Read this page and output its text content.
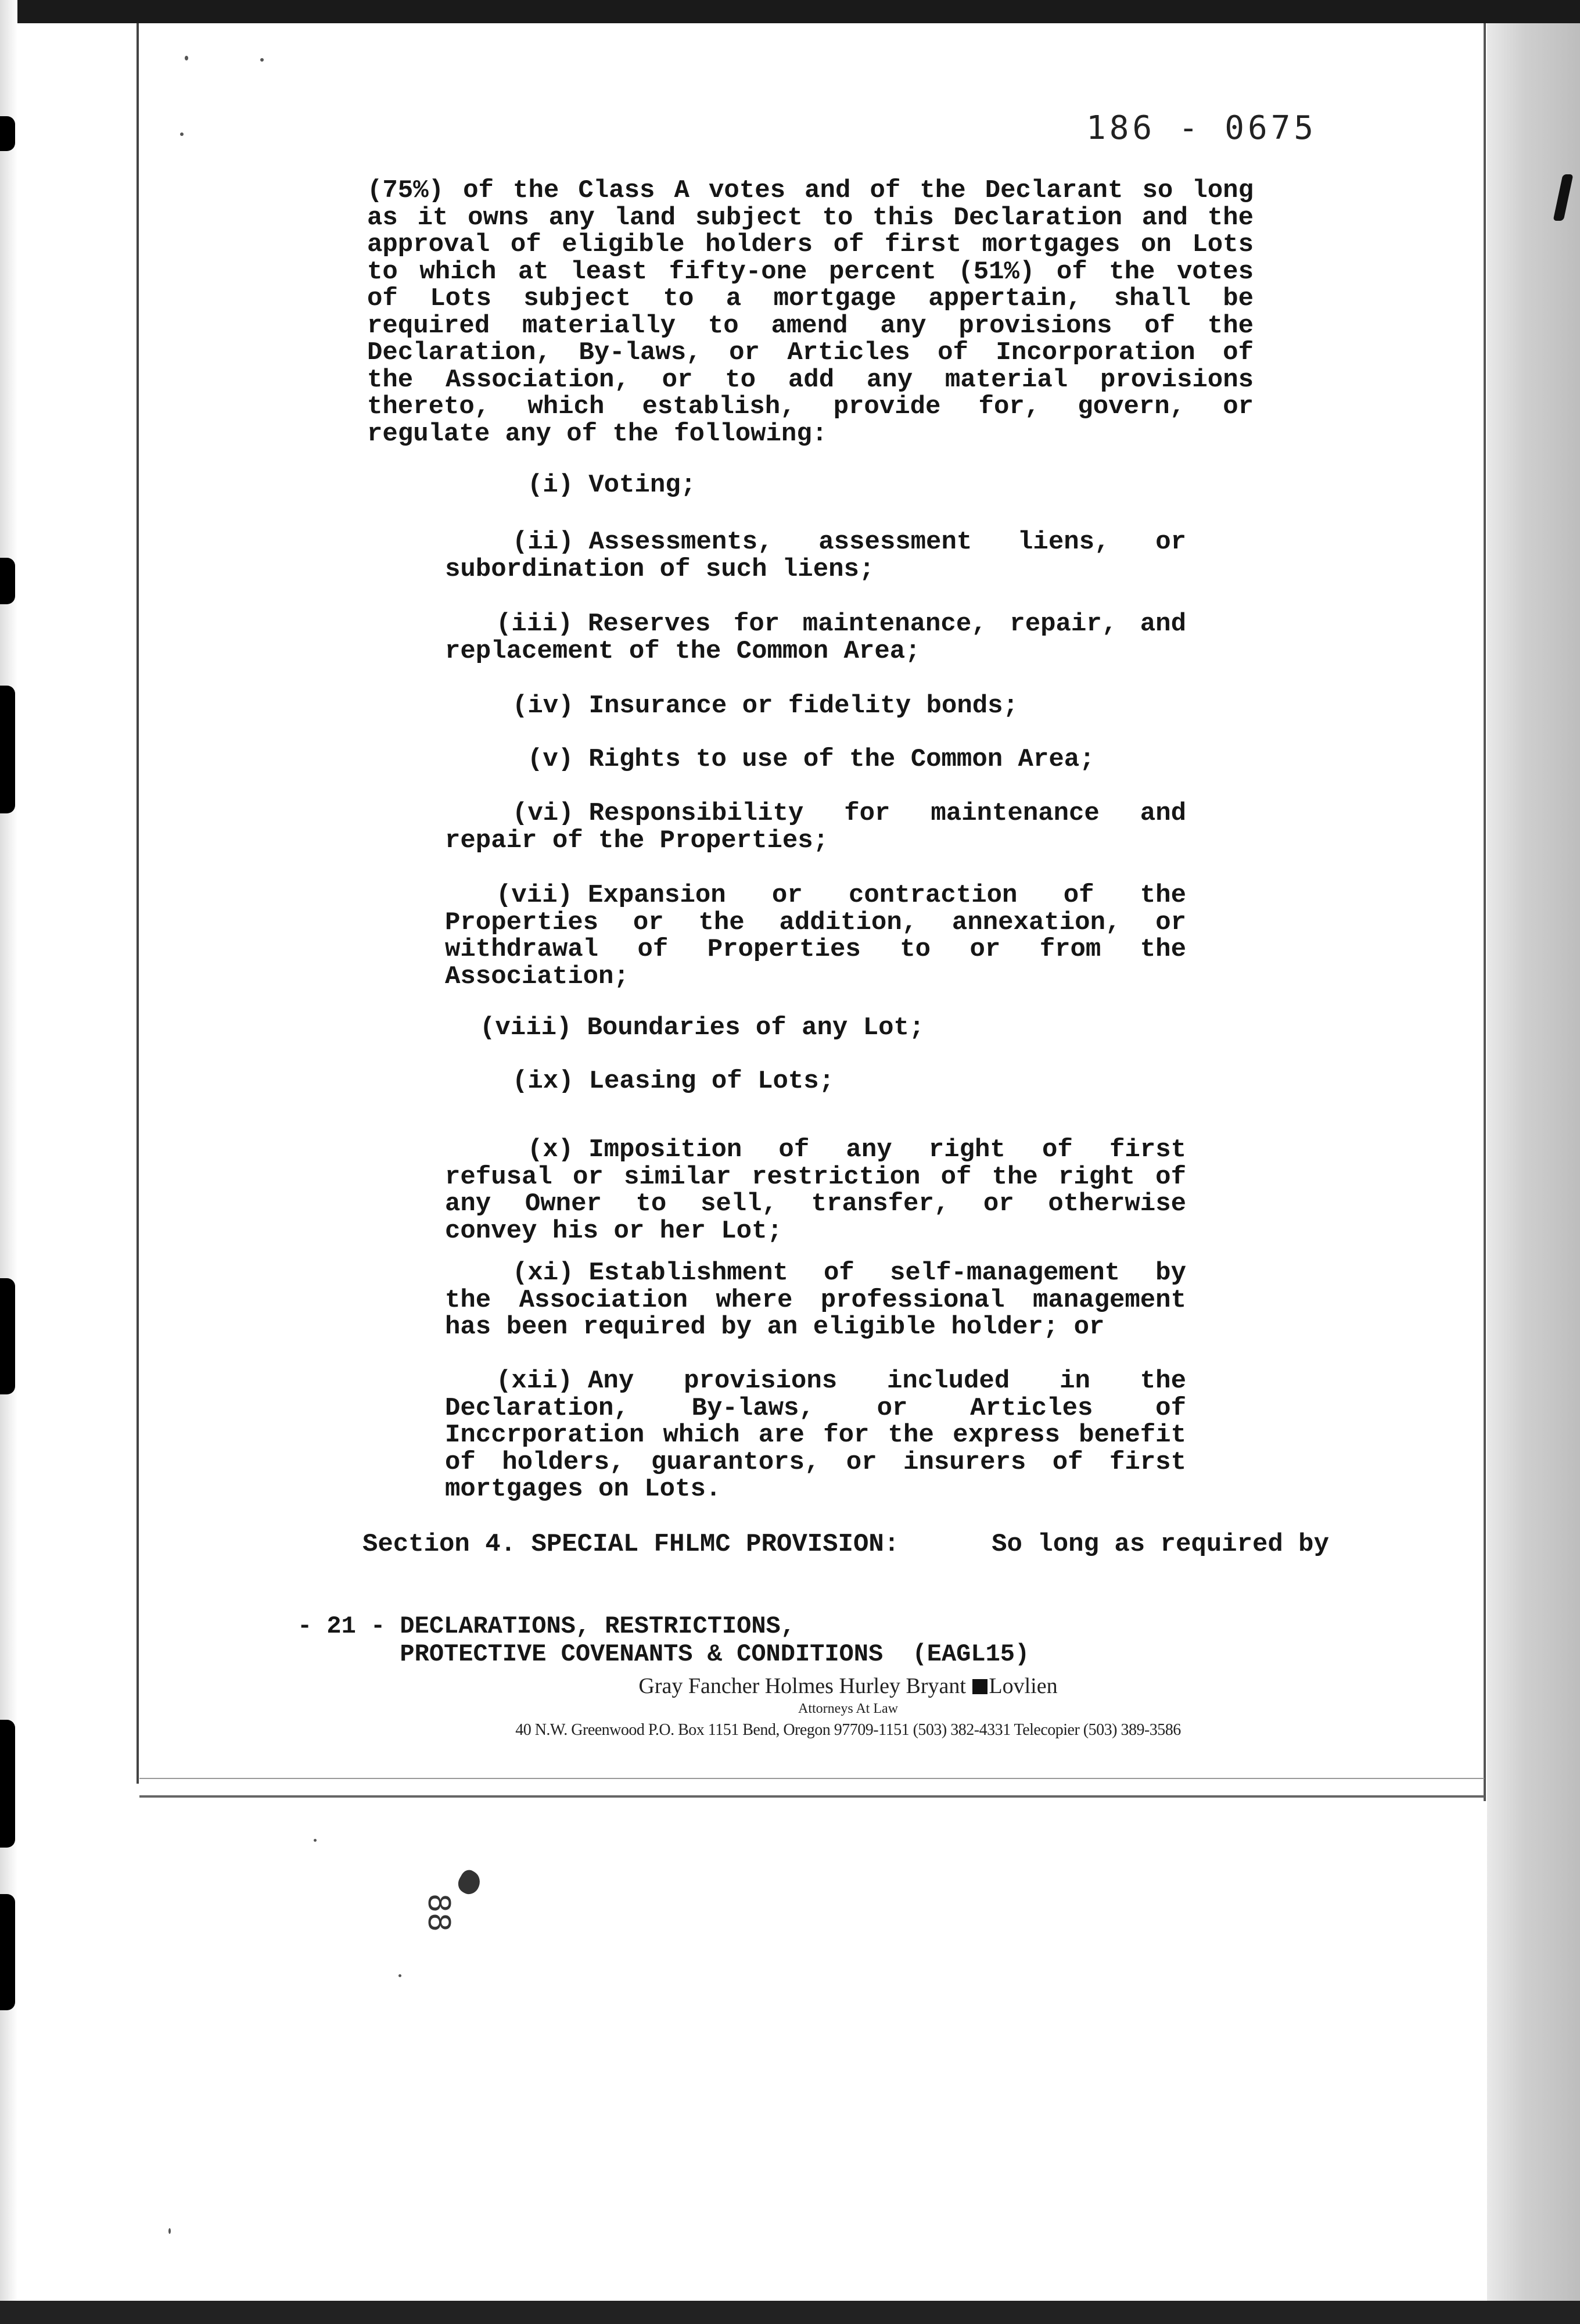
186 - 0675
(75%) of the Class A votes and of the Declarant so long
as it owns any land subject to this Declaration and the
approval of eligible holders of first mortgages on Lots
to which at least fifty-one percent (51%) of the votes
of Lots subject to a mortgage appertain, shall be
required materially to amend any provisions of the
Declaration, By-laws, or Articles of Incorporation of
the Association, or to add any material provisions
thereto, which establish, provide for, govern, or
regulate any of the following:
(i) Voting;
(ii) Assessments, assessment liens, or
subordination of such liens;
(iii) Reserves for maintenance, repair, and
replacement of the Common Area;
(iv) Insurance or fidelity bonds;
(v) Rights to use of the Common Area;
(vi) Responsibility for maintenance and
repair of the Properties;
(vii) Expansion or contraction of the
Properties or the addition, annexation, or
withdrawal of Properties to or from the
Association;
(viii) Boundaries of any Lot;
(ix) Leasing of Lots;
(x) Imposition of any right of first
refusal or similar restriction of the right of
any Owner to sell, transfer, or otherwise
convey his or her Lot;
(xi) Establishment of self-management by
the Association where professional management
has been required by an eligible holder; or
(xii) Any provisions included in the
Declaration, By-laws, or Articles of
Inccrporation which are for the express benefit
of holders, guarantors, or insurers of first
mortgages on Lots.
Section 4. SPECIAL FHLMC PROVISION:	So long as required by
- 21 - DECLARATIONS, RESTRICTIONS,
PROTECTIVE COVENANTS & CONDITIONS  (EAGL15)
Gray Fancher Holmes Hurley Bryant Lovlien
Attorneys At Law
40 N.W. Greenwood P.O. Box 1151 Bend, Oregon 97709-1151 (503) 382-4331 Telecopier (503) 389-3586
88
